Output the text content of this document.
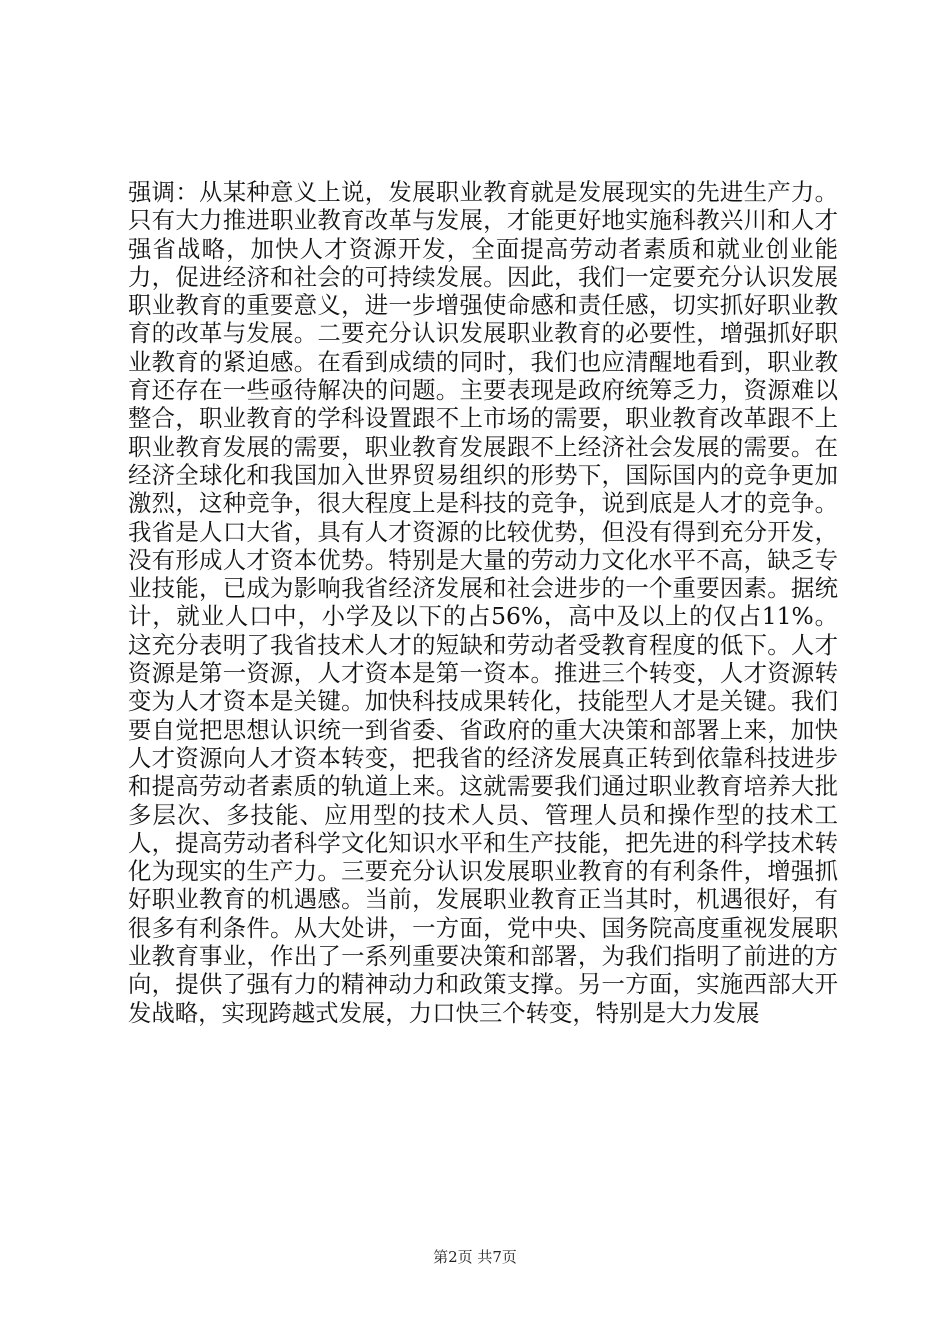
强调：从某种意义上说，发展职业教育就是发展现实的先进生产力。只有大力推进职业教育改革与发展，才能更好地实施科教兴川和人才强省战略，加快人才资源开发，全面提高劳动者素质和就业创业能力，促进经济和社会的可持续发展。因此，我们一定要充分认识发展职业教育的重要意义，进一步增强使命感和责任感，切实抓好职业教育的改革与发展。二要充分认识发展职业教育的必要性，增强抓好职业教育的紧迫感。在看到成绩的同时，我们也应清醒地看到，职业教育还存在一些亟待解决的问题。主要表现是政府统筹乏力，资源难以整合，职业教育的学科设置跟不上市场的需要，职业教育改革跟不上职业教育发展的需要，职业教育发展跟不上经济社会发展的需要。在经济全球化和我国加入世界贸易组织的形势下，国际国内的竞争更加激烈，这种竞争，很大程度上是科技的竞争，说到底是人才的竞争。我省是人口大省，具有人才资源的比较优势，但没有得到充分开发，没有形成人才资本优势。特别是大量的劳动力文化水平不高，缺乏专业技能，已成为影响我省经济发展和社会进步的一个重要因素。据统计，就业人口中，小学及以下的占56%，高中及以上的仅占11%。这充分表明了我省技术人才的短缺和劳动者受教育程度的低下。人才资源是第一资源，人才资本是第一资本。推进三个转变，人才资源转变为人才资本是关键。加快科技成果转化，技能型人才是关键。我们要自觉把思想认识统一到省委、省政府的重大决策和部署上来，加快人才资源向人才资本转变，把我省的经济发展真正转到依靠科技进步和提高劳动者素质的轨道上来。这就需要我们通过职业教育培养大批多层次、多技能、应用型的技术人员、管理人员和操作型的技术工人，提高劳动者科学文化知识水平和生产技能，把先进的科学技术转化为现实的生产力。三要充分认识发展职业教育的有利条件，增强抓好职业教育的机遇感。当前，发展职业教育正当其时，机遇很好，有很多有利条件。从大处讲，一方面，党中央、国务院高度重视发展职业教育事业，作出了一系列重要决策和部署，为我们指明了前进的方向，提供了强有力的精神动力和政策支撑。另一方面，实施西部大开发战略，实现跨越式发展，力口快三个转变，特别是大力发展

第2页 共7页
